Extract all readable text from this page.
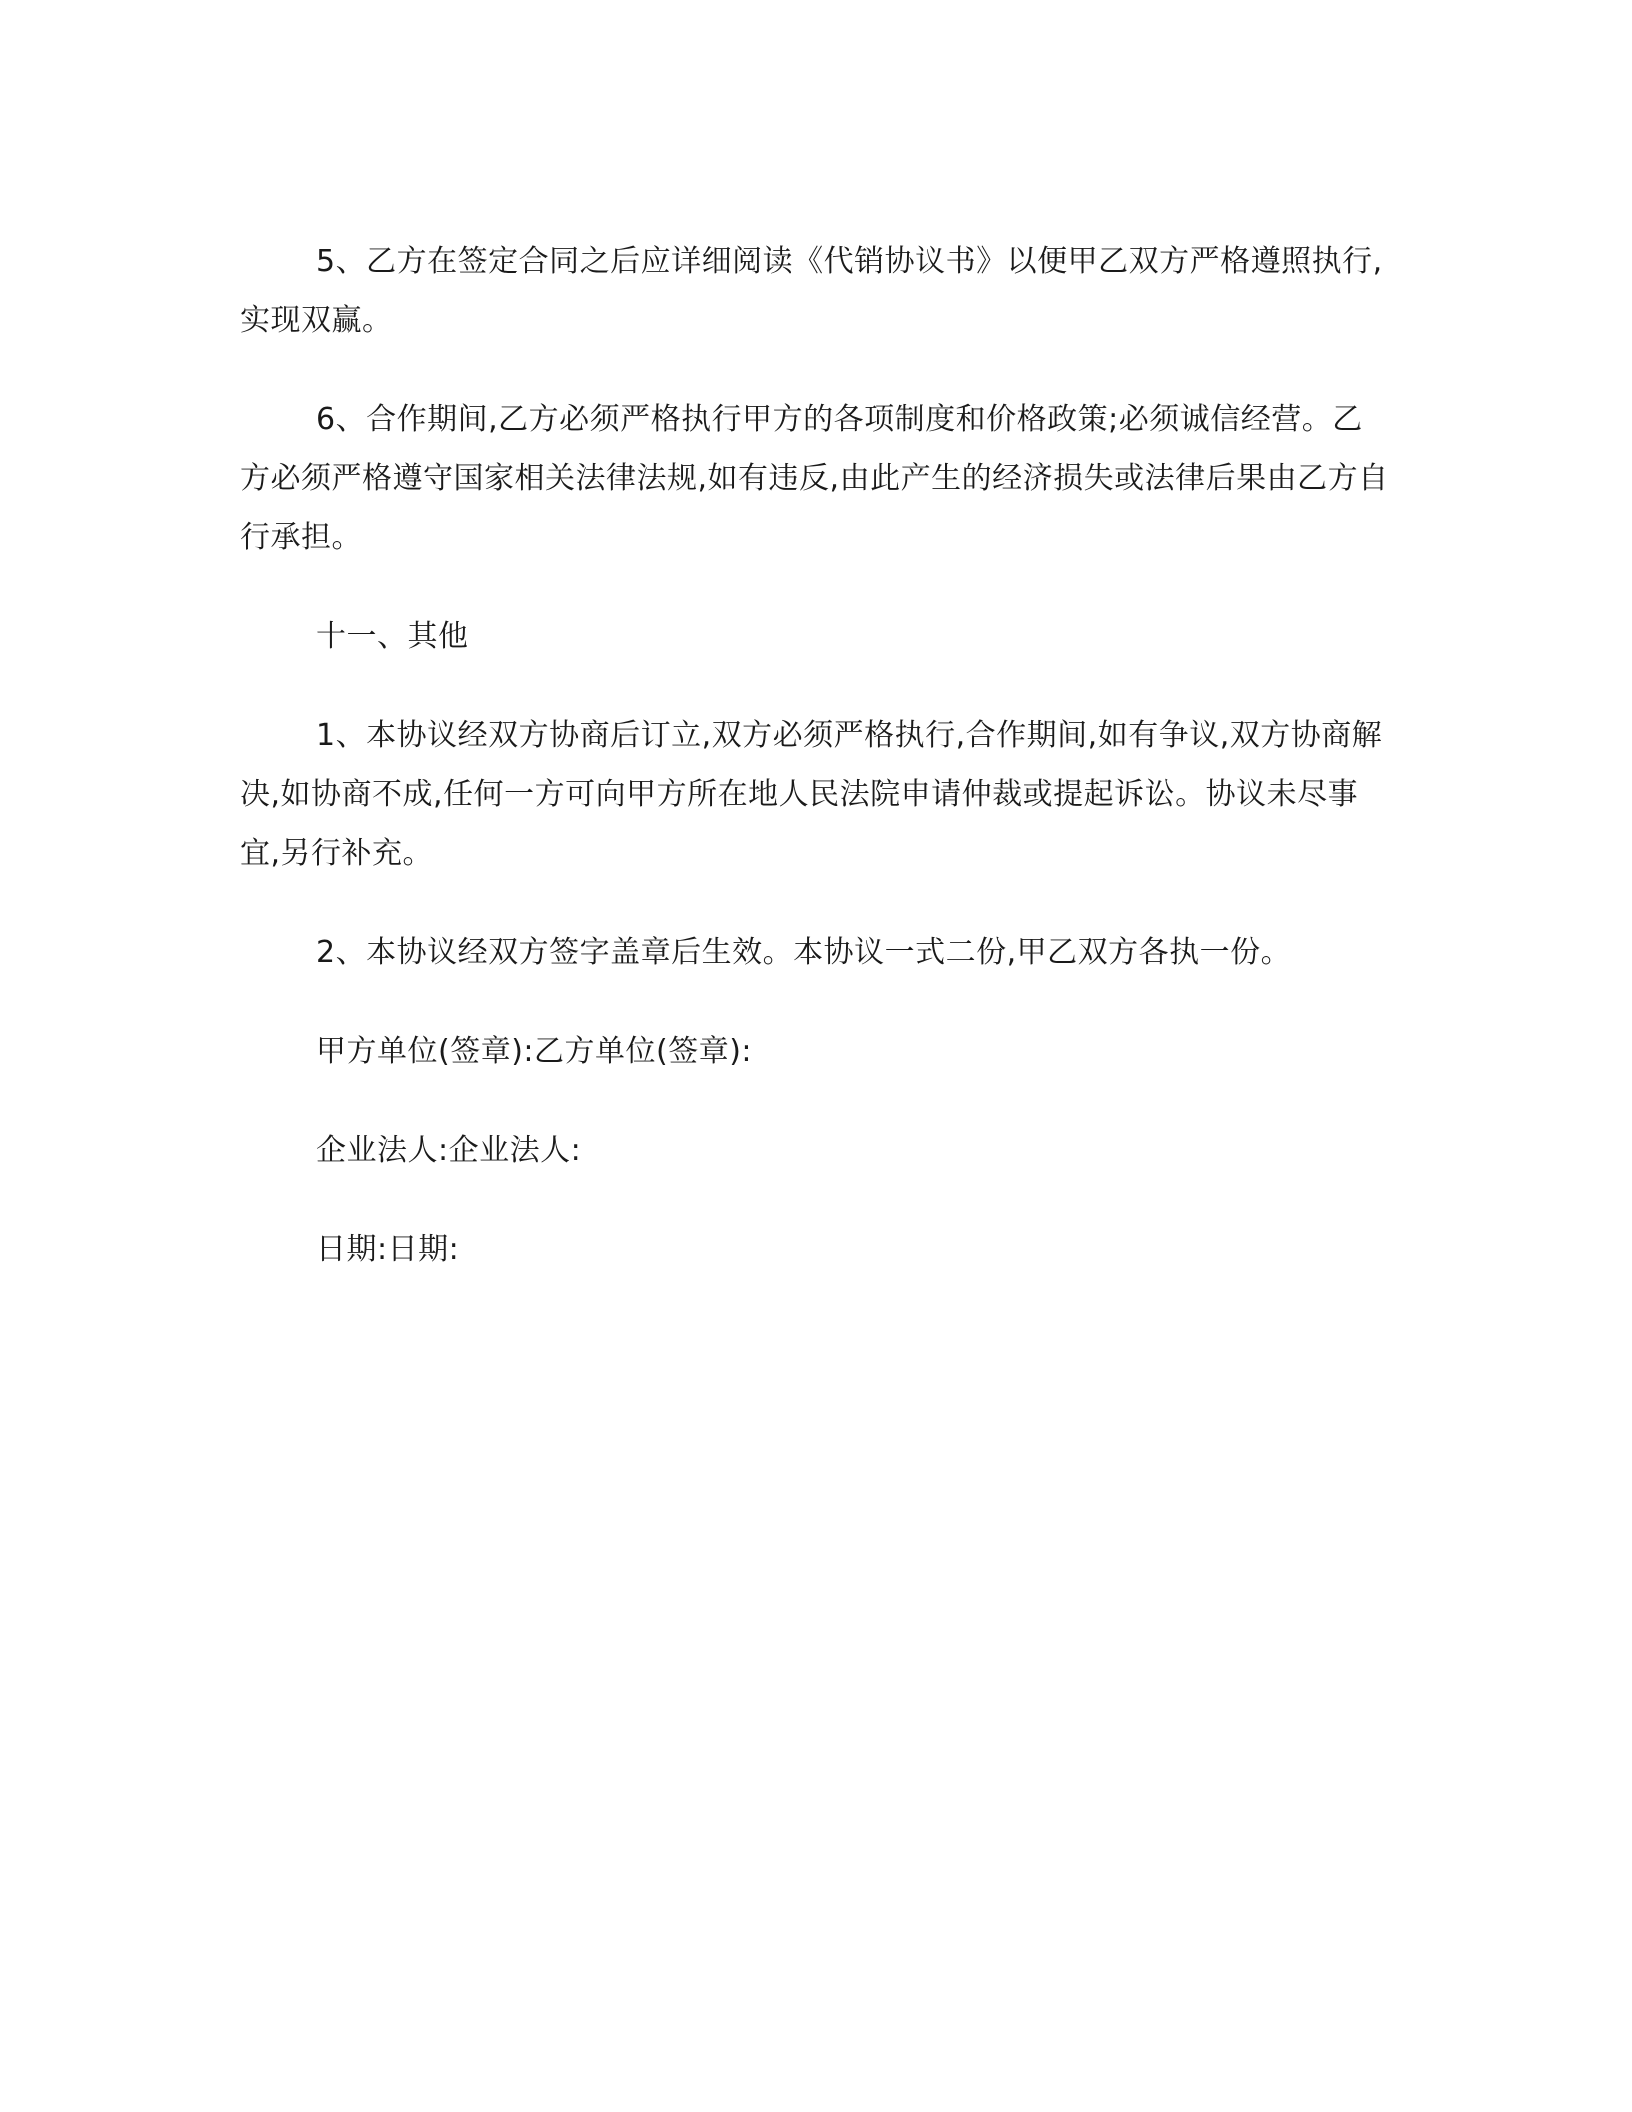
5、乙方在签定合同之后应详细阅读《代销协议书》以便甲乙双方严格遵照执行,实现双赢。

6、合作期间,乙方必须严格执行甲方的各项制度和价格政策;必须诚信经营。乙方必须严格遵守国家相关法律法规,如有违反,由此产生的经济损失或法律后果由乙方自行承担。

十一、其他

1、本协议经双方协商后订立,双方必须严格执行,合作期间,如有争议,双方协商解决,如协商不成,任何一方可向甲方所在地人民法院申请仲裁或提起诉讼。协议未尽事宜,另行补充。

2、本协议经双方签字盖章后生效。本协议一式二份,甲乙双方各执一份。

甲方单位(签章):乙方单位(签章):

企业法人:企业法人:

日期:日期:
